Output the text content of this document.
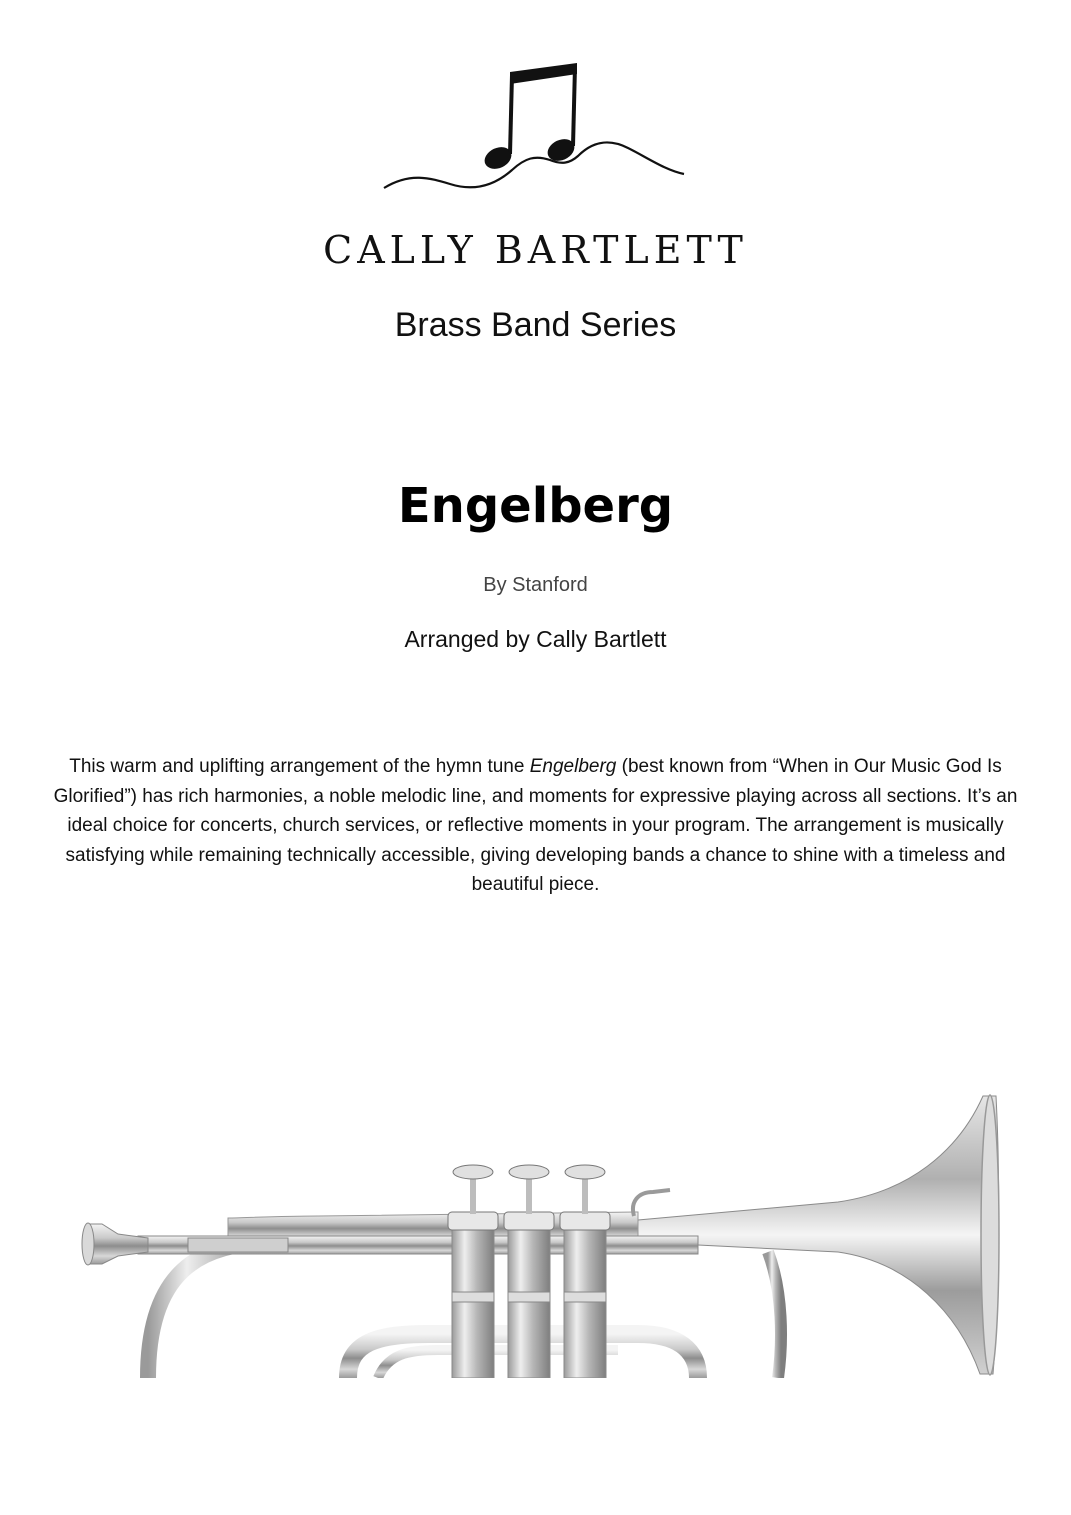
CALLY BARTLETT
Brass Band Series
Engelberg
By Stanford
Arranged by Cally Bartlett
This warm and uplifting arrangement of the hymn tune Engelberg (best known from “When in Our Music God Is Glorified”) has rich harmonies, a noble melodic line, and moments for expressive playing across all sections. It’s an ideal choice for concerts, church services, or reflective moments in your program. The arrangement is musically satisfying while remaining technically accessible, giving developing bands a chance to shine with a timeless and beautiful piece.
